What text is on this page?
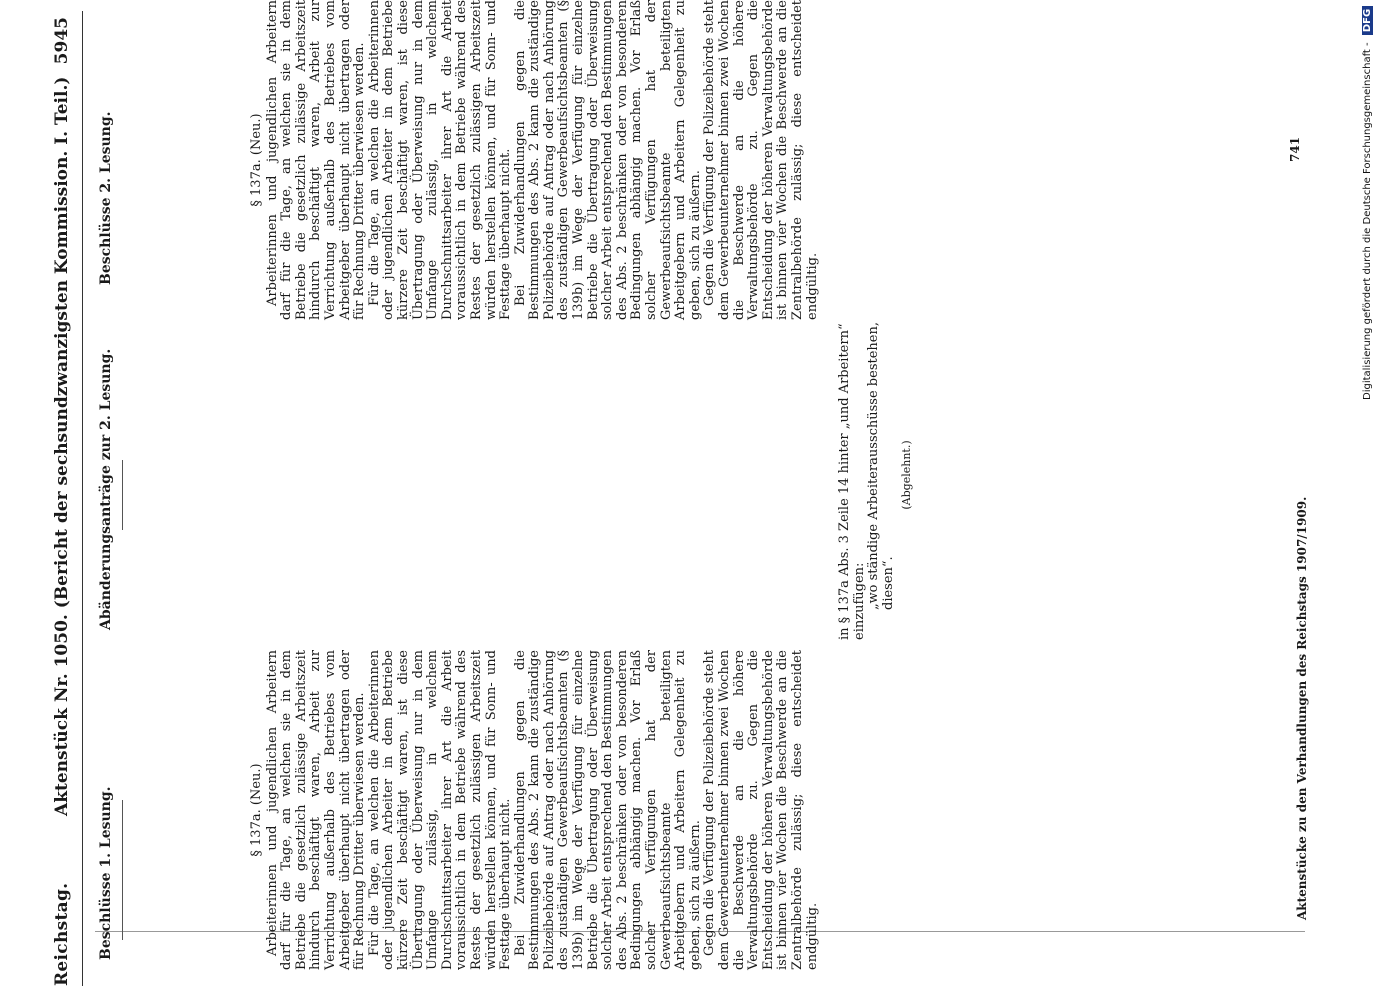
Reichstag.
Aktenstück Nr. 1050. (Bericht der sechsundzwanzigsten Kommission. I. Teil.)
5945
Beschlüsse 1. Lesung.
Abänderungsanträge zur 2. Lesung.
Beschlüsse 2. Lesung.

§ 137a. (Neu.) Arbeiterinnen und jugendlichen Arbeitern darf für die Tage, an welchen sie in dem Betriebe die gesetzlich zulässige Arbeitszeit hindurch beschäftigt waren, Arbeit zur Verrichtung außerhalb des Betriebes vom Arbeitgeber überhaupt nicht übertragen oder für Rechnung Dritter überwiesen werden. Für die Tage, an welchen die Arbeiterinnen oder jugendlichen Arbeiter in dem Betriebe kürzere Zeit beschäftigt waren, ist diese Übertragung oder Überweisung nur in dem Umfange zulässig, in welchem Durchschnittsarbeiter ihrer Art die Arbeit voraussichtlich in dem Betriebe während des Restes der gesetzlich zulässigen Arbeitszeit würden herstellen können, und für Sonn- und Festtage überhaupt nicht. Bei Zuwiderhandlungen gegen die Bestimmungen des Abs. 2 kann die zuständige Polizeibehörde auf Antrag oder nach Anhörung des zuständigen Gewerbeaufsichtsbeamten (§ 139b) im Wege der Verfügung für einzelne Betriebe die Übertragung oder Überweisung solcher Arbeit entsprechend den Bestimmungen des Abs. 2 beschränken oder von besonderen Bedingungen abhängig machen. Vor Erlaß solcher Verfügungen hat der Gewerbeaufsichtsbeamte beteiligten Arbeitgebern und Arbeitern Gelegenheit zu geben, sich zu äußern. Gegen die Verfügung der Polizeibehörde steht dem Gewerbeunternehmer binnen zwei Wochen die Beschwerde an die höhere Verwaltungsbehörde zu. Gegen die Entscheidung der höheren Verwaltungsbehörde ist binnen vier Wochen die Beschwerde an die Zentralbehörde zulässig; diese entscheidet endgültig.

in § 137a Abs. 3 Zeile 14 hinter „und Arbeitern“ einzufügen: „wo ständige Arbeiterausschüsse bestehen, diesen“.
(Abgelehnt.)

§ 137a. (Neu.) Arbeiterinnen und jugendlichen Arbeitern darf für die Tage, an welchen sie in dem Betriebe die gesetzlich zulässige Arbeitszeit hindurch beschäftigt waren, Arbeit zur Verrichtung außerhalb des Betriebes vom Arbeitgeber überhaupt nicht übertragen oder für Rechnung Dritter überwiesen werden. Für die Tage, an welchen die Arbeiterinnen oder jugendlichen Arbeiter in dem Betriebe kürzere Zeit beschäftigt waren, ist diese Übertragung oder Überweisung nur in dem Umfange zulässig, in welchem Durchschnittsarbeiter ihrer Art die Arbeit voraussichtlich in dem Betriebe während des Restes der gesetzlich zulässigen Arbeitszeit würden herstellen können, und für Sonn- und Festtage überhaupt nicht. Bei Zuwiderhandlungen gegen die Bestimmungen des Abs. 2 kann die zuständige Polizeibehörde auf Antrag oder nach Anhörung des zuständigen Gewerbeaufsichtsbeamten (§ 139b) im Wege der Verfügung für einzelne Betriebe die Übertragung oder Überweisung solcher Arbeit entsprechend den Bestimmungen des Abs. 2 beschränken oder von besonderen Bedingungen abhängig machen. Vor Erlaß solcher Verfügungen hat der Gewerbeaufsichtsbeamte beteiligten Arbeitgebern und Arbeitern Gelegenheit zu geben, sich zu äußern. Gegen die Verfügung der Polizeibehörde steht dem Gewerbeunternehmer binnen zwei Wochen die Beschwerde an die höhere Verwaltungsbehörde zu. Gegen die Entscheidung der höheren Verwaltungsbehörde ist binnen vier Wochen die Beschwerde an die Zentralbehörde zulässig; diese entscheidet endgültig.

Aktenstücke zu den Verhandlungen des Reichstags 1907/1909.
741	Digitalisierung gefördert durch die Deutsche Forschungsgemeinschaft - DFG
